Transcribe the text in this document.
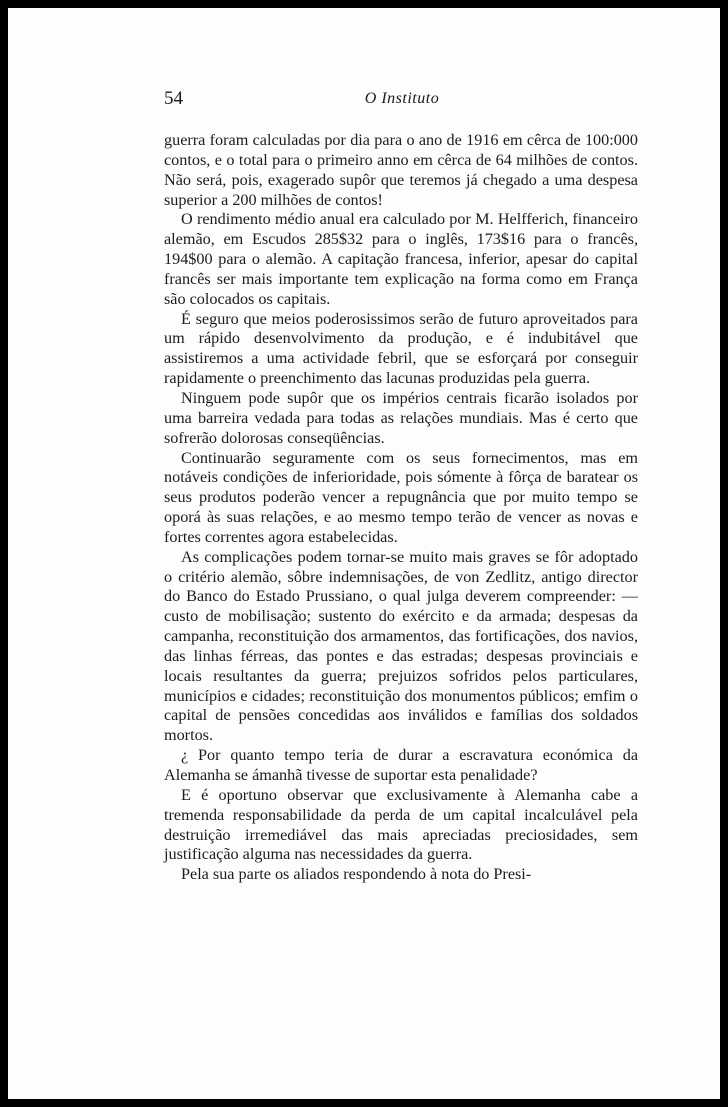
54	O Instituto

guerra foram calculadas por dia para o ano de 1916 em cêrca de 100:000 contos, e o total para o primeiro anno em cêrca de 64 milhões de contos. Não será, pois, exagerado supôr que teremos já chegado a uma despesa superior a 200 milhões de contos!

O rendimento médio anual era calculado por M. Helfferich, financeiro alemão, em Escudos 285$32 para o inglês, 173$16 para o francês, 194$00 para o alemão. A capitação francesa, inferior, apesar do capital francês ser mais importante tem explicação na forma como em França são colocados os capitais.

É seguro que meios poderosissimos serão de futuro aproveitados para um rápido desenvolvimento da produção, e é indubitável que assistiremos a uma actividade febril, que se esforçará por conseguir rapidamente o preenchimento das lacunas produzidas pela guerra.

Ninguem pode supôr que os impérios centrais ficarão isolados por uma barreira vedada para todas as relações mundiais. Mas é certo que sofrerão dolorosas conseqüências.

Continuarão seguramente com os seus fornecimentos, mas em notáveis condições de inferioridade, pois sómente à fôrça de baratear os seus produtos poderão vencer a repugnância que por muito tempo se oporá às suas relações, e ao mesmo tempo terão de vencer as novas e fortes correntes agora estabelecidas.

As complicações podem tornar-se muito mais graves se fôr adoptado o critério alemão, sôbre indemnisações, de von Zedlitz, antigo director do Banco do Estado Prussiano, o qual julga deverem compreender: — custo de mobilisação; sustento do exército e da armada; despesas da campanha, reconstituição dos armamentos, das fortificações, dos navios, das linhas férreas, das pontes e das estradas; despesas provinciais e locais resultantes da guerra; prejuizos sofridos pelos particulares, municípios e cidades; reconstituição dos monumentos públicos; emfim o capital de pensões concedidas aos inválidos e famílias dos soldados mortos.

¿ Por quanto tempo teria de durar a escravatura económica da Alemanha se ámanhã tivesse de suportar esta penalidade?

E é oportuno observar que exclusivamente à Alemanha cabe a tremenda responsabilidade da perda de um capital incalculável pela destruição irremediável das mais apreciadas preciosidades, sem justificação alguma nas necessidades da guerra.

Pela sua parte os aliados respondendo à nota do Presi-
